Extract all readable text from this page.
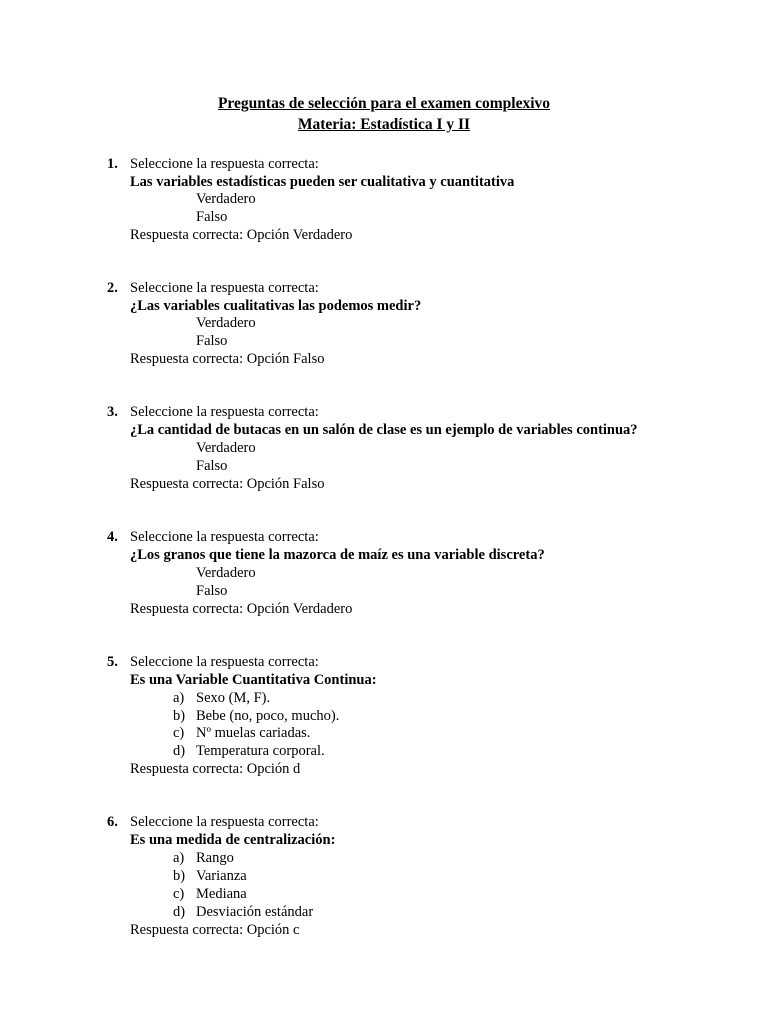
Preguntas de selección para el examen complexivo
Materia: Estadística I y II
1. Seleccione la respuesta correcta:
Las variables estadísticas pueden ser cualitativa y cuantitativa
Verdadero
Falso
Respuesta correcta: Opción Verdadero
2. Seleccione la respuesta correcta:
¿Las variables cualitativas las podemos medir?
Verdadero
Falso
Respuesta correcta: Opción Falso
3. Seleccione la respuesta correcta:
¿La cantidad de butacas en un salón de clase es un ejemplo de variables continua?
Verdadero
Falso
Respuesta correcta: Opción Falso
4. Seleccione la respuesta correcta:
¿Los granos que tiene la mazorca de maíz es una variable discreta?
Verdadero
Falso
Respuesta correcta: Opción Verdadero
5. Seleccione la respuesta correcta:
Es una Variable Cuantitativa Continua:
a) Sexo (M, F).
b) Bebe (no, poco, mucho).
c) Nº muelas cariadas.
d) Temperatura corporal.
Respuesta correcta: Opción d
6. Seleccione la respuesta correcta:
Es una medida de centralización:
a) Rango
b) Varianza
c) Mediana
d) Desviación estándar
Respuesta correcta: Opción c
